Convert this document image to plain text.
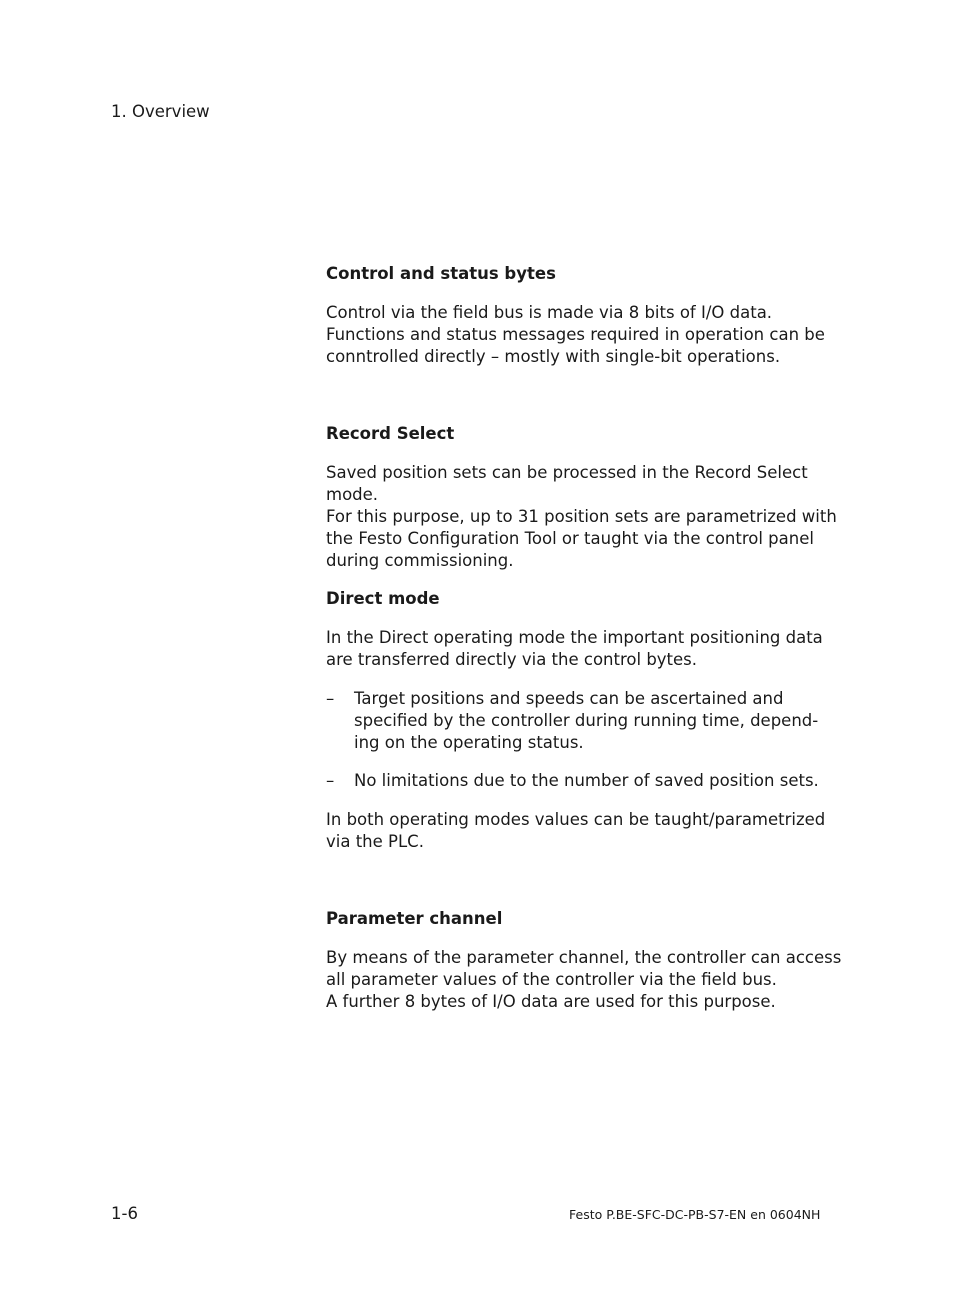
1. Overview
Control and status bytes
Control via the field bus is made via 8 bits of I/O data.
Functions and status messages required in operation can be
conntrolled directly – mostly with single-bit operations.
Record Select
Saved position sets can be processed in the Record Select
mode.
For this purpose, up to 31 position sets are parametrized with
the Festo Configuration Tool or taught via the control panel
during commissioning.
Direct mode
In the Direct operating mode the important positioning data
are transferred directly via the control bytes.
– Target positions and speeds can be ascertained and
specified by the controller during running time, depend-
ing on the operating status.
– No limitations due to the number of saved position sets.
In both operating modes values can be taught/parametrized
via the PLC.
Parameter channel
By means of the parameter channel, the controller can access
all parameter values of the controller via the field bus.
A further 8 bytes of I/O data are used for this purpose.
1-6	Festo P.BE-SFC-DC-PB-S7-EN en 0604NH
